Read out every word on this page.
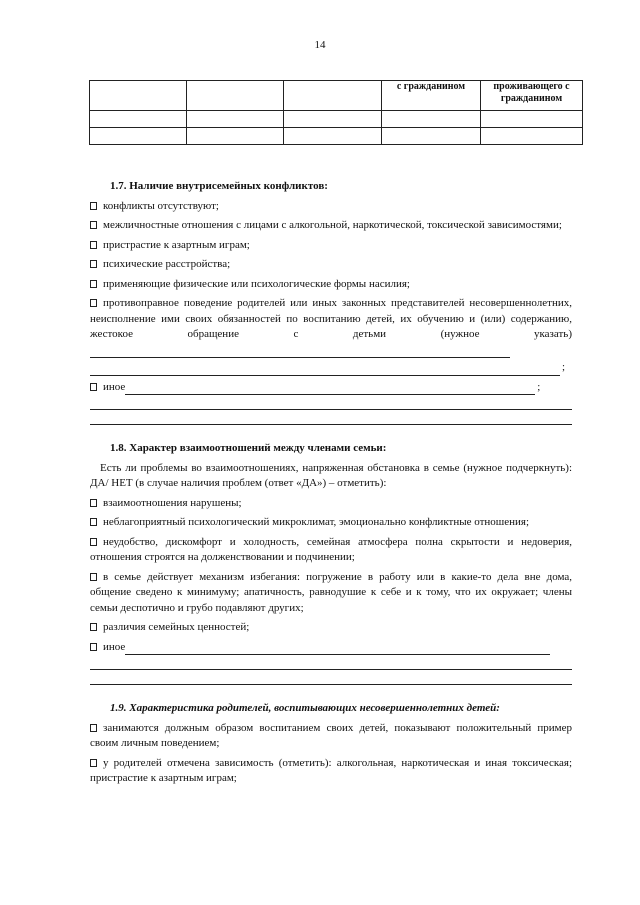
14
			с гражданином	проживающего с гражданином

1.7. Наличие внутрисемейных конфликтов:
конфликты отсутствуют;
межличностные отношения с лицами с алкогольной, наркотической, токсической зависимостями;
пристрастие к азартным играм;
психические расстройства;
применяющие физические или психологические формы насилия;
противоправное поведение родителей или иных законных представителей несовершеннолетних, неисполнение ими своих обязанностей по воспитанию детей, их обучению и (или) содержанию, жестокое обращение с детьми (нужное указать)
;
иное	;
1.8. Характер взаимоотношений между членами семьи:
Есть ли проблемы во взаимоотношениях, напряженная обстановка в семье (нужное подчеркнуть): ДА/ НЕТ (в случае наличия проблем (ответ «ДА») – отметить):
взаимоотношения нарушены;
неблагоприятный психологический микроклимат, эмоционально конфликтные отношения;
неудобство, дискомфорт и холодность, семейная атмосфера полна скрытости и недоверия, отношения строятся на долженствовании и подчинении;
в семье действует механизм избегания: погружение в работу или в какие-то дела вне дома, общение сведено к минимуму; апатичность, равнодушие к себе и к тому, что их окружает; члены семьи деспотично и грубо подавляют других;
различия семейных ценностей;
иное
1.9. Характеристика родителей, воспитывающих несовершеннолетних детей:
занимаются должным образом воспитанием своих детей, показывают положительный пример своим личным поведением;
у родителей отмечена зависимость (отметить): алкогольная, наркотическая и иная токсическая; пристрастие к азартным играм;
